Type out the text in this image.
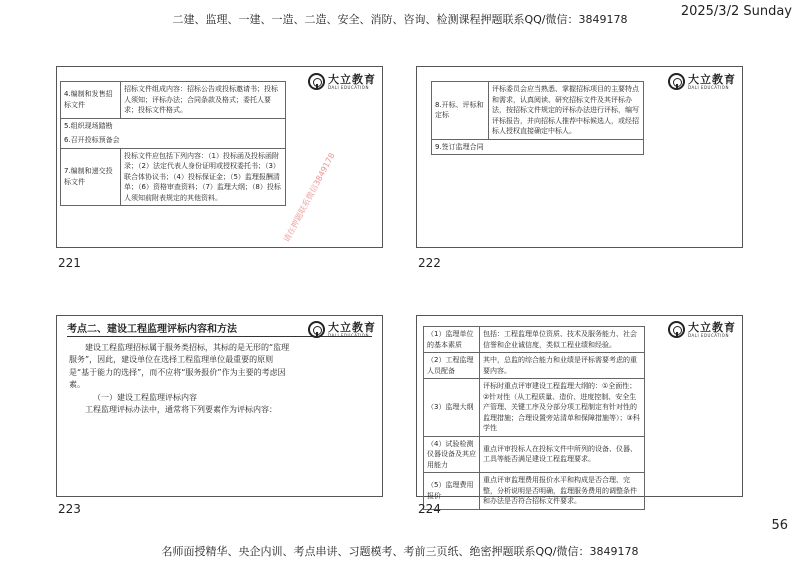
二建、监理、一建、一造、二造、安全、消防、咨询、检测课程押题联系QQ/微信：3849178
2025/3/2 Sunday
4.编制和发售招标文件	招标文件组成内容：招标公告或投标邀请书；投标人须知；评标办法；合同条款及格式；委托人要求；投标文件格式。
5.组织现场踏勘	
6.召开投标预备会	
7.编制和递交投标文件	投标文件应包括下列内容：（1）投标函及投标函附录；（2）法定代表人身份证明或授权委托书；（3）联合体协议书；（4）投标保证金；（5）监理报酬清单；（6）资格审查资料；（7）监理大纲；（8）投标人须知前附表规定的其他资料。	请在押题联系微信3849178
大立教育
DALI EDUCATION
221
8.开标、评标和定标	评标委员会应当熟悉、掌握招标项目的主要特点和需求，认真阅读、研究招标文件及其评标办法，按招标文件规定的评标办法进行评标，编写评标报告，并向招标人推荐中标候选人，或经招标人授权直接确定中标人。
9.签订监理合同
大立教育
DALI EDUCATION
222
考点二、建设工程监理评标内容和方法

建设工程监理招标属于服务类招标，其标的是无形的“监理服务”，因此，建设单位在选择工程监理单位最重要的原则是“基于能力的选择”，而不应将“服务报价”作为主要的考虑因素。

（一）建设工程监理评标内容

工程监理评标办法中，通常将下列要素作为评标内容：

大立教育
DALI EDUCATION
223
（1）监理单位的基本素质	包括：工程监理单位资质、技术及服务能力、社会信誉和企业诚信度，类似工程业绩和经验。
（2）工程监理人员配备	其中，总监的综合能力和业绩是评标需要考虑的重要内容。
（3）监理大纲	评标时重点评审建设工程监理大纲的：①全面性；②针对性（从工程质量、造价、进度控制、安全生产管理、关键工序及分部分项工程制定有针对性的监理措施；合理设置旁站清单和保障措施等）；③科学性
（4）试验检测仪器设备及其应用能力	重点评审投标人在投标文件中所列的设备、仪器、工具等能否满足建设工程监理要求。
（5）监理费用报价	重点评审监理费用报价水平和构成是否合理、完整，分析说明是否明确，监理服务费用的调整条件和办法是否符合招标文件要求。
大立教育
DALI EDUCATION
224
56
名师面授精华、央企内训、考点串讲、习题模考、考前三页纸、绝密押题联系QQ/微信：3849178
